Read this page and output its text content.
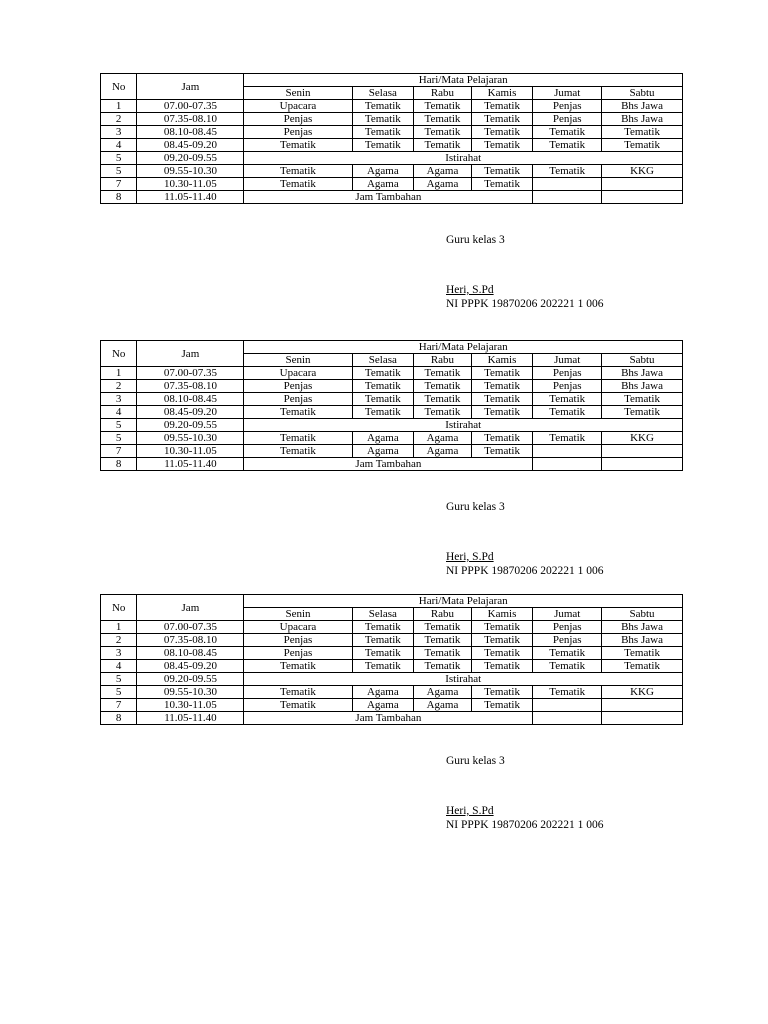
No	Jam	Hari/Mata Pelajaran					
		Senin	Selasa	Rabu	Kamis	Jumat	Sabtu
1	07.00-07.35	Upacara	Tematik	Tematik	Tematik	Penjas	Bhs Jawa
2	07.35-08.10	Penjas	Tematik	Tematik	Tematik	Penjas	Bhs Jawa
3	08.10-08.45	Penjas	Tematik	Tematik	Tematik	Tematik	Tematik
4	08.45-09.20	Tematik	Tematik	Tematik	Tematik	Tematik	Tematik
5	09.20-09.55	Istirahat					
5	09.55-10.30	Tematik	Agama	Agama	Tematik	Tematik	KKG
7	10.30-11.05	Tematik	Agama	Agama	Tematik		
8	11.05-11.40	Jam Tambahan					
Guru kelas 3
Heri, S.Pd
NI PPPK 19870206 202221 1 006
No	Jam	Hari/Mata Pelajaran					
		Senin	Selasa	Rabu	Kamis	Jumat	Sabtu
1	07.00-07.35	Upacara	Tematik	Tematik	Tematik	Penjas	Bhs Jawa
2	07.35-08.10	Penjas	Tematik	Tematik	Tematik	Penjas	Bhs Jawa
3	08.10-08.45	Penjas	Tematik	Tematik	Tematik	Tematik	Tematik
4	08.45-09.20	Tematik	Tematik	Tematik	Tematik	Tematik	Tematik
5	09.20-09.55	Istirahat					
5	09.55-10.30	Tematik	Agama	Agama	Tematik	Tematik	KKG
7	10.30-11.05	Tematik	Agama	Agama	Tematik		
8	11.05-11.40	Jam Tambahan					
Guru kelas 3
Heri, S.Pd
NI PPPK 19870206 202221 1 006
No	Jam	Hari/Mata Pelajaran					
		Senin	Selasa	Rabu	Kamis	Jumat	Sabtu
1	07.00-07.35	Upacara	Tematik	Tematik	Tematik	Penjas	Bhs Jawa
2	07.35-08.10	Penjas	Tematik	Tematik	Tematik	Penjas	Bhs Jawa
3	08.10-08.45	Penjas	Tematik	Tematik	Tematik	Tematik	Tematik
4	08.45-09.20	Tematik	Tematik	Tematik	Tematik	Tematik	Tematik
5	09.20-09.55	Istirahat					
5	09.55-10.30	Tematik	Agama	Agama	Tematik	Tematik	KKG
7	10.30-11.05	Tematik	Agama	Agama	Tematik		
8	11.05-11.40	Jam Tambahan					
Guru kelas 3
Heri, S.Pd
NI PPPK 19870206 202221 1 006
